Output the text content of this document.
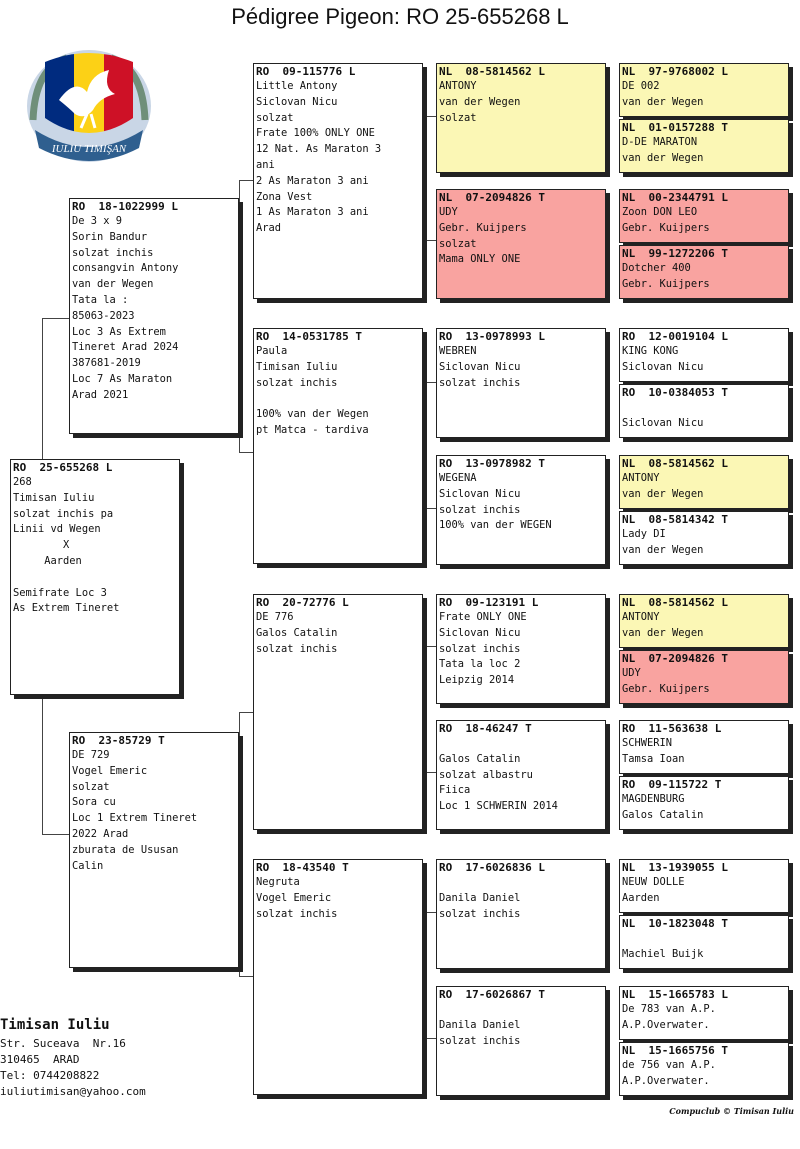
Pédigree Pigeon: RO 25-655268 L
IULIU TIMIŞAN
RO  25-655268 L
268
Timisan Iuliu
solzat inchis pa
Linii vd Wegen
X
Aarden

Semifrate Loc 3
As Extrem Tineret
RO  18-1022999 L
De 3 x 9
Sorin Bandur
solzat inchis
consangvin Antony
van der Wegen
Tata la :
85063-2023
Loc 3 As Extrem
Tineret Arad 2024
387681-2019
Loc 7 As Maraton
Arad 2021
RO  23-85729 T
DE 729
Vogel Emeric
solzat
Sora cu
Loc 1 Extrem Tineret
2022 Arad
zburata de Ususan
Calin
RO  09-115776 L
Little Antony
Siclovan Nicu
solzat
Frate 100% ONLY ONE
12 Nat. As Maraton 3
ani
2 As Maraton 3 ani
Zona Vest
1 As Maraton 3 ani
Arad
RO  14-0531785 T
Paula
Timisan Iuliu
solzat inchis

100% van der Wegen
pt Matca - tardiva
RO  20-72776 L
DE 776
Galos Catalin
solzat inchis
RO  18-43540 T
Negruta
Vogel Emeric
solzat inchis
NL  08-5814562 L
ANTONY
van der Wegen
solzat
NL  07-2094826 T
UDY
Gebr. Kuijpers
solzat
Mama ONLY ONE
RO  13-0978993 L
WEBREN
Siclovan Nicu
solzat inchis
RO  13-0978982 T
WEGENA
Siclovan Nicu
solzat inchis
100% van der WEGEN
RO  09-123191 L
Frate ONLY ONE
Siclovan Nicu
solzat inchis
Tata la loc 2
Leipzig 2014
RO  18-46247 T

Galos Catalin
solzat albastru
Fiica
Loc 1 SCHWERIN 2014
RO  17-6026836 L

Danila Daniel
solzat inchis
RO  17-6026867 T

Danila Daniel
solzat inchis
NL  97-9768002 L
DE 002
van der Wegen
NL  01-0157288 T
D-DE MARATON
van der Wegen
NL  00-2344791 L
Zoon DON LEO
Gebr. Kuijpers
NL  99-1272206 T
Dotcher 400
Gebr. Kuijpers
RO  12-0019104 L
KING KONG
Siclovan Nicu
RO  10-0384053 T

Siclovan Nicu
NL  08-5814562 L
ANTONY
van der Wegen
NL  08-5814342 T
Lady DI
van der Wegen
NL  08-5814562 L
ANTONY
van der Wegen
NL  07-2094826 T
UDY
Gebr. Kuijpers
RO  11-563638 L
SCHWERIN
Tamsa Ioan
RO  09-115722 T
MAGDENBURG
Galos Catalin
NL  13-1939055 L
NEUW DOLLE
Aarden
NL  10-1823048 T

Machiel Buijk
NL  15-1665783 L
De 783 van A.P.
A.P.Overwater.
NL  15-1665756 T
de 756 van A.P.
A.P.Overwater.
Timisan Iuliu
Str. Suceava  Nr.16
310465  ARAD
Tel: 0744208822
iuliutimisan@yahoo.com
Compuclub © Timisan Iuliu
